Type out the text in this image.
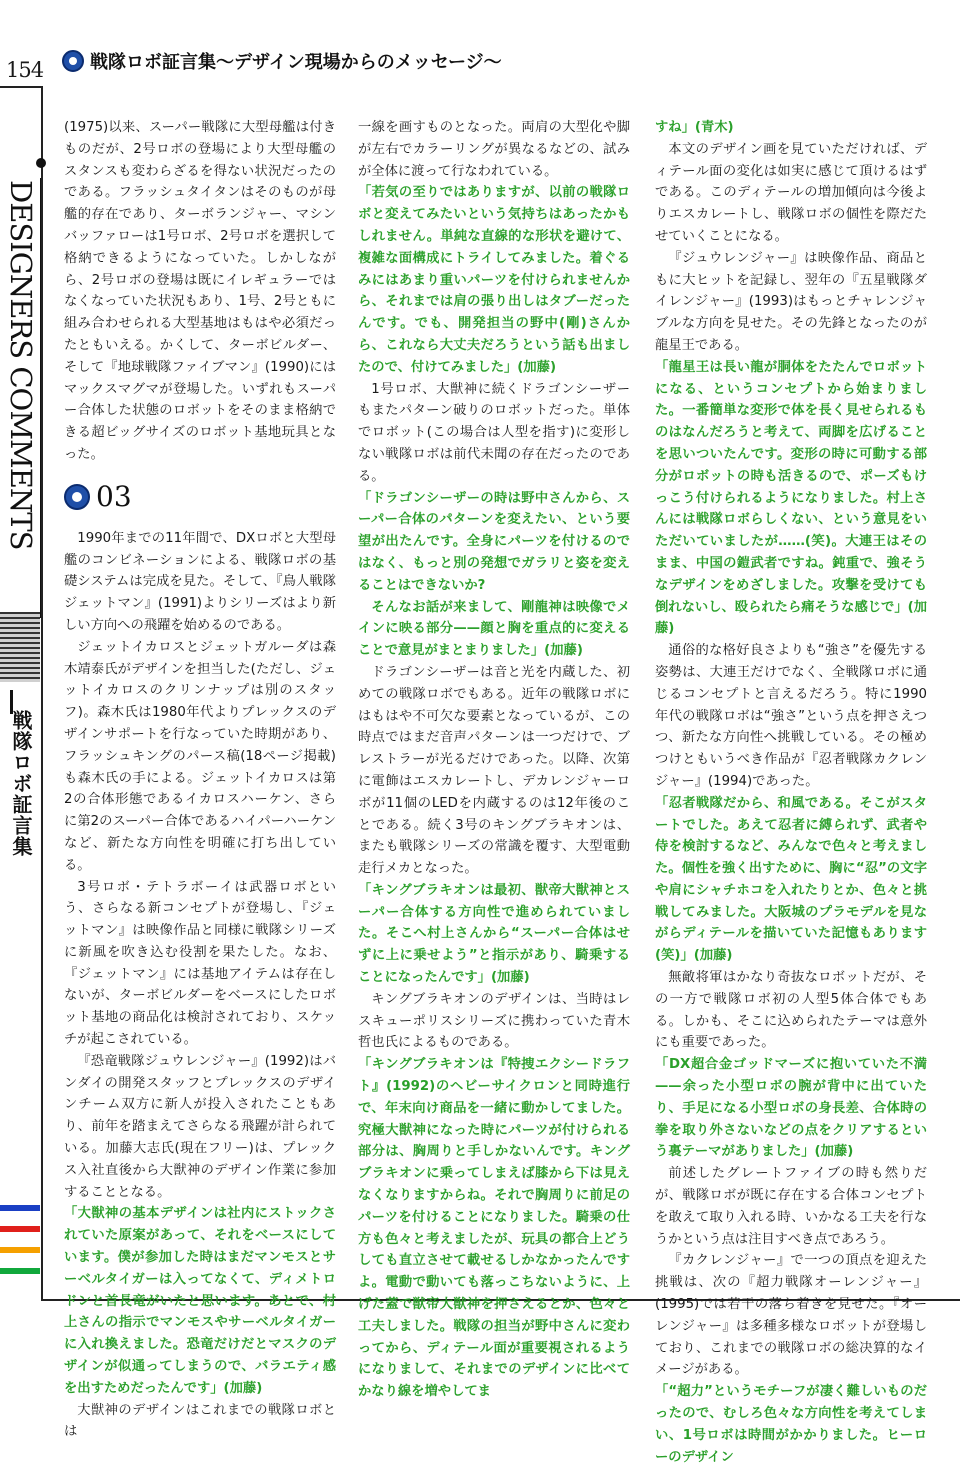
154
DESIGNERS COMMENTS
戦隊ロボ証言集
戦隊ロボ証言集〜デザイン現場からのメッセージ〜

(1975)以来、スーパー戦隊に大型母艦は付きものだが、2号ロボの登場により大型母艦のスタンスも変わらざるを得ない状況だったのである。フラッシュタイタンはそのものが母艦的存在であり、ターボランジャー、マシンバッファローは1号ロボ、2号ロボを選択して格納できるようになっていた。しかしながら、2号ロボの登場は既にイレギュラーではなくなっていた状況もあり、1号、2号ともに組み合わせられる大型基地はもはや必須だったともいえる。かくして、ターボビルダー、そして『地球戦隊ファイブマン』(1990)にはマックスマグマが登場した。いずれもスーパー合体した状態のロボットをそのまま格納できる超ビッグサイズのロボット基地玩具となった。

03

1990年までの11年間で、DXロボと大型母艦のコンビネーションによる、戦隊ロボの基礎システムは完成を見た。そして、『鳥人戦隊ジェットマン』(1991)よりシリーズはより新しい方向への飛躍を始めるのである。

ジェットイカロスとジェットガルーダは森木靖泰氏がデザインを担当した(ただし、ジェットイカロスのクリンナップは別のスタッフ)。森木氏は1980年代よりプレックスのデザインサポートを行なっていた時期があり、フラッシュキングのパース稿(18ページ掲載)も森木氏の手による。ジェットイカロスは第2の合体形態であるイカロスハーケン、さらに第2のスーパー合体であるハイパーハーケンなど、新たな方向性を明確に打ち出している。

3号ロボ・テトラボーイは武器ロボという、さらなる新コンセプトが登場し、『ジェットマン』は映像作品と同様に戦隊シリーズに新風を吹き込む役割を果たした。なお、『ジェットマン』には基地アイテムは存在しないが、ターボビルダーをベースにしたロボット基地の商品化は検討されており、スケッチが起こされている。

『恐竜戦隊ジュウレンジャー』(1992)はバンダイの開発スタッフとプレックスのデザインチーム双方に新人が投入されたこともあり、前年を踏まえてさらなる飛躍が計られている。加藤大志氏(現在フリー)は、プレックス入社直後から大獣神のデザイン作業に参加することとなる。

「大獣神の基本デザインは社内にストックされていた原案があって、それをベースにしています。僕が参加した時はまだマンモスとサーベルタイガーは入ってなくて、ディメトロドンと首長竜がいたと思います。あとで、村上さんの指示でマンモスやサーベルタイガーに入れ換えました。恐竜だけだとマスクのデザインが似通ってしまうので、バラエティ感を出すためだったんです」(加藤)

大獣神のデザインはこれまでの戦隊ロボとは

一線を画すものとなった。両肩の大型化や脚が左右でカラーリングが異なるなどの、試みが全体に渡って行なわれている。

「若気の至りではありますが、以前の戦隊ロボと変えてみたいという気持ちはあったかもしれません。単純な直線的な形状を避けて、複雑な面構成にトライしてみました。着ぐるみにはあまり重いパーツを付けられませんから、それまでは肩の張り出しはタブーだったんです。でも、開発担当の野中(剛)さんから、これなら大丈夫だろうという話も出ましたので、付けてみました」(加藤)

1号ロボ、大獣神に続くドラゴンシーザーもまたパターン破りのロボットだった。単体でロボット(この場合は人型を指す)に変形しない戦隊ロボは前代未聞の存在だったのである。

「ドラゴンシーザーの時は野中さんから、スーパー合体のパターンを変えたい、という要望が出たんです。全身にパーツを付けるのではなく、もっと別の発想でガラリと姿を変えることはできないか?

そんなお話が来まして、剛龍神は映像でメインに映る部分——顔と胸を重点的に変えることで意見がまとまりました」(加藤)

ドラゴンシーザーは音と光を内蔵した、初めての戦隊ロボでもある。近年の戦隊ロボにはもはや不可欠な要素となっているが、この時点ではまだ音声パターンは一つだけで、ブレストラーが光るだけであった。以降、次第に電飾はエスカレートし、デカレンジャーロボが11個のLEDを内蔵するのは12年後のことである。続く3号のキングブラキオンは、またも戦隊シリーズの常識を覆す、大型電動走行メカとなった。

「キングブラキオンは最初、獣帝大獣神とスーパー合体する方向性で進められていました。そこへ村上さんから“スーパー合体はせずに上に乗せよう”と指示があり、騎乗することになったんです」(加藤)

キングブラキオンのデザインは、当時はレスキューポリスシリーズに携わっていた青木哲也氏によるものである。

「キングブラキオンは『特捜エクシードラフト』(1992)のヘビーサイクロンと同時進行で、年末向け商品を一緒に動かしてました。究極大獣神になった時にパーツが付けられる部分は、胸周りと手しかないんです。キングブラキオンに乗ってしまえば膝から下は見えなくなりますからね。それで胸周りに前足のパーツを付けることになりました。騎乗の仕方も色々と考えましたが、玩具の都合上どうしても直立させて載せるしかなかったんですよ。電動で動いても落っこちないように、上げた蓋で獣帝大獣神を押さえるとか、色々と工夫しました。戦隊の担当が野中さんに変わってから、ディテール面が重要視されるようになりまして、それまでのデザインに比べてかなり線を増やしてま

すね」(青木)

本文のデザイン画を見ていただければ、ディテール面の変化は如実に感じて頂けるはずである。このディテールの増加傾向は今後よりエスカレートし、戦隊ロボの個性を際だたせていくことになる。

『ジュウレンジャー』は映像作品、商品ともに大ヒットを記録し、翌年の『五星戦隊ダイレンジャー』(1993)はもっとチャレンジャブルな方向を見せた。その先鋒となったのが龍星王である。

「龍星王は長い龍が胴体をたたんでロボットになる、というコンセプトから始まりました。一番簡単な変形で体を長く見せられるものはなんだろうと考えて、両脚を広げることを思いついたんです。変形の時に可動する部分がロボットの時も活きるので、ポーズもけっこう付けられるようになりました。村上さんには戦隊ロボらしくない、という意見をいただいていましたが……(笑)。大連王はそのまま、中国の鎧武者ですね。鈍重で、強そうなデザインをめざしました。攻撃を受けても倒れないし、殴られたら痛そうな感じで」(加藤)

通俗的な格好良さよりも“強さ”を優先する姿勢は、大連王だけでなく、全戦隊ロボに通じるコンセプトと言えるだろう。特に1990年代の戦隊ロボは“強さ”という点を押さえつつ、新たな方向性へ挑戦している。その極めつけともいうべき作品が『忍者戦隊カクレンジャー』(1994)であった。

「忍者戦隊だから、和風である。そこがスタートでした。あえて忍者に縛られず、武者や侍を検討するなど、みんなで色々と考えました。個性を強く出すために、胸に“忍”の文字や肩にシャチホコを入れたりとか、色々と挑戦してみました。大阪城のプラモデルを見ながらディテールを描いていた記憶もあります(笑)」(加藤)

無敵将軍はかなり奇抜なロボットだが、その一方で戦隊ロボ初の人型5体合体でもある。しかも、そこに込められたテーマは意外にも重要であった。

「DX超合金ゴッドマーズに抱いていた不満——余った小型ロボの腕が背中に出ていたり、手足になる小型ロボの身長差、合体時の拳を取り外さないなどの点をクリアするという裏テーマがありました」(加藤)

前述したグレートファイブの時も然りだが、戦隊ロボが既に存在する合体コンセプトを敢えて取り入れる時、いかなる工夫を行なうかという点は注目すべき点であろう。

『カクレンジャー』で一つの頂点を迎えた挑戦は、次の『超力戦隊オーレンジャー』(1995)では若干の落ち着きを見せた。『オーレンジャー』は多種多様なロボットが登場しており、これまでの戦隊ロボの総决算的なイメージがある。

「“超力”というモチーフが凄く難しいものだったので、むしろ色々な方向性を考えてしまい、1号ロボは時間がかかりました。ヒーローのデザイン
